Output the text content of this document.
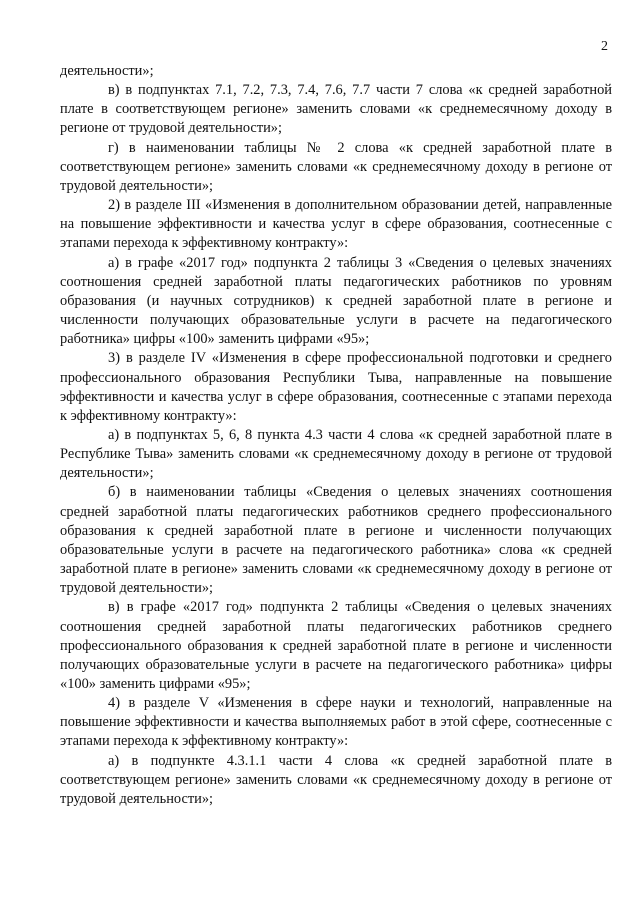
2

деятельности»;

в) в подпунктах 7.1, 7.2, 7.3, 7.4, 7.6, 7.7 части 7 слова «к средней заработной плате в соответствующем регионе» заменить словами «к среднемесячному доходу в регионе от трудовой деятельности»;

г) в наименовании таблицы № 2 слова «к средней заработной плате в соответствующем регионе» заменить словами «к среднемесячному доходу в регионе от трудовой деятельности»;

2) в разделе III «Изменения в дополнительном образовании детей, направленные на повышение эффективности и качества услуг в сфере образования, соотнесенные с этапами перехода к эффективному контракту»:

а) в графе «2017 год» подпункта 2 таблицы 3 «Сведения о целевых значениях соотношения средней заработной платы педагогических работников по уровням образования (и научных сотрудников) к средней заработной плате в регионе и численности получающих образовательные услуги в расчете на педагогического работника» цифры «100» заменить цифрами «95»;

3) в разделе IV «Изменения в сфере профессиональной подготовки и среднего профессионального образования Республики Тыва, направленные на повышение эффективности и качества услуг в сфере образования, соотнесенные с этапами перехода к эффективному контракту»:

а) в подпунктах 5, 6, 8 пункта 4.3 части 4 слова «к средней заработной плате в Республике Тыва» заменить словами «к среднемесячному доходу в регионе от трудовой деятельности»;

б) в наименовании таблицы «Сведения о целевых значениях соотношения средней заработной платы педагогических работников среднего профессионального образования к средней заработной плате в регионе и численности получающих образовательные услуги в расчете на педагогического работника» слова «к средней заработной плате в регионе» заменить словами «к среднемесячному доходу в регионе от трудовой деятельности»;

в) в графе «2017 год» подпункта 2 таблицы «Сведения о целевых значениях соотношения средней заработной платы педагогических работников среднего профессионального образования к средней заработной плате в регионе и численности получающих образовательные услуги в расчете на педагогического работника» цифры «100» заменить цифрами «95»;

4) в разделе V «Изменения в сфере науки и технологий, направленные на повышение эффективности и качества выполняемых работ в этой сфере, соотнесенные с этапами перехода к эффективному контракту»:

а) в подпункте 4.3.1.1 части 4 слова «к средней заработной плате в соответствующем регионе» заменить словами «к среднемесячному доходу в регионе от трудовой деятельности»;
